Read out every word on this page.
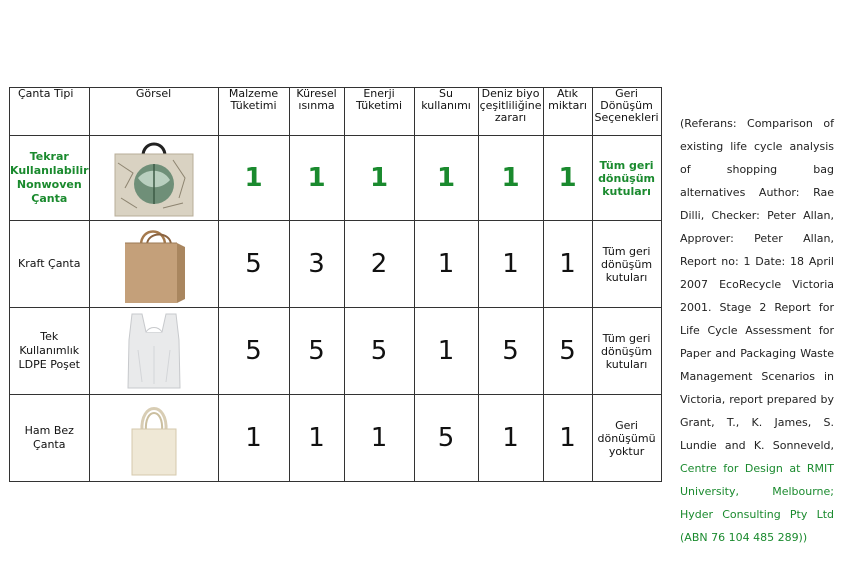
Çanta Tipi	Görsel	Malzeme Tüketimi	Küresel ısınma	Enerji Tüketimi	Su kullanımı	Deniz biyo çeşitliliğine zararı	Atık miktarı	Geri Dönüşüm Seçenekleri
Tekrar Kullanılabilir Nonwoven Çanta		1	1	1	1	1	1	Tüm geri dönüşüm kutuları
Kraft Çanta		5	3	2	1	1	1	Tüm geri dönüşüm kutuları
Tek Kullanımlık LDPE Poşet		5	5	5	1	5	5	Tüm geri dönüşüm kutuları
Ham Bez Çanta		1	1	1	5	1	1	Geri dönüşümü yoktur
(Referans: Comparison of existing life cycle analysis of shopping bag alternatives Author: Rae Dilli, Checker: Peter Allan, Approver: Peter Allan, Report no: 1 Date: 18 April 2007 EcoRecycle Victoria 2001. Stage 2 Report for Life Cycle Assessment for Paper and Packaging Waste Management Scenarios in Victoria, report prepared by Grant, T., K. James, S. Lundie and K. Sonneveld, Centre for Design at RMIT University, Melbourne; Hyder Consulting Pty Ltd (ABN 76 104 485 289))
